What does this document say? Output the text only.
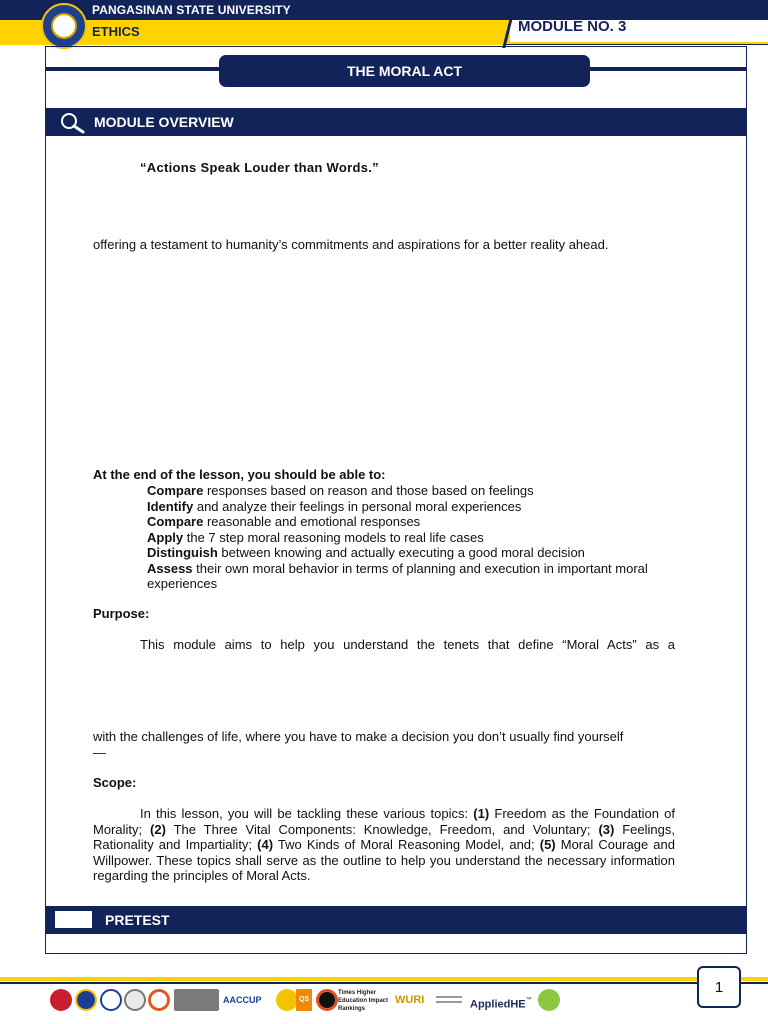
PANGASINAN STATE UNIVERSITY
ETHICS	MODULE NO. 3
THE MORAL ACT
MODULE OVERVIEW
“Actions Speak Louder than Words.”
offering a testament to humanity’s commitments and aspirations for a better reality ahead.
At the end of the lesson, you should be able to:
Compare responses based on reason and those based on feelings
Identify and analyze their feelings in personal moral experiences
Compare reasonable and emotional responses
Apply the 7 step moral reasoning models to real life cases
Distinguish between knowing and actually executing a good moral decision
Assess their own moral behavior in terms of planning and execution in important moral experiences
Purpose:
This module aims to help you understand the tenets that define “Moral Acts” as a
with the challenges of life, where you have to make a decision you don’t usually find yourself
—
Scope:
In this lesson, you will be tackling these various topics: (1) Freedom as the Foundation of Morality; (2) The Three Vital Components: Knowledge, Freedom, and Voluntary; (3) Feelings, Rationality and Impartiality; (4) Two Kinds of Moral Reasoning Model, and; (5) Moral Courage and Willpower. These topics shall serve as the outline to help you understand the necessary information regarding the principles of Moral Acts.
PRETEST
1
AACCUP	QS
Times Higher Education Impact Rankings
WURI	AppliedHE™
